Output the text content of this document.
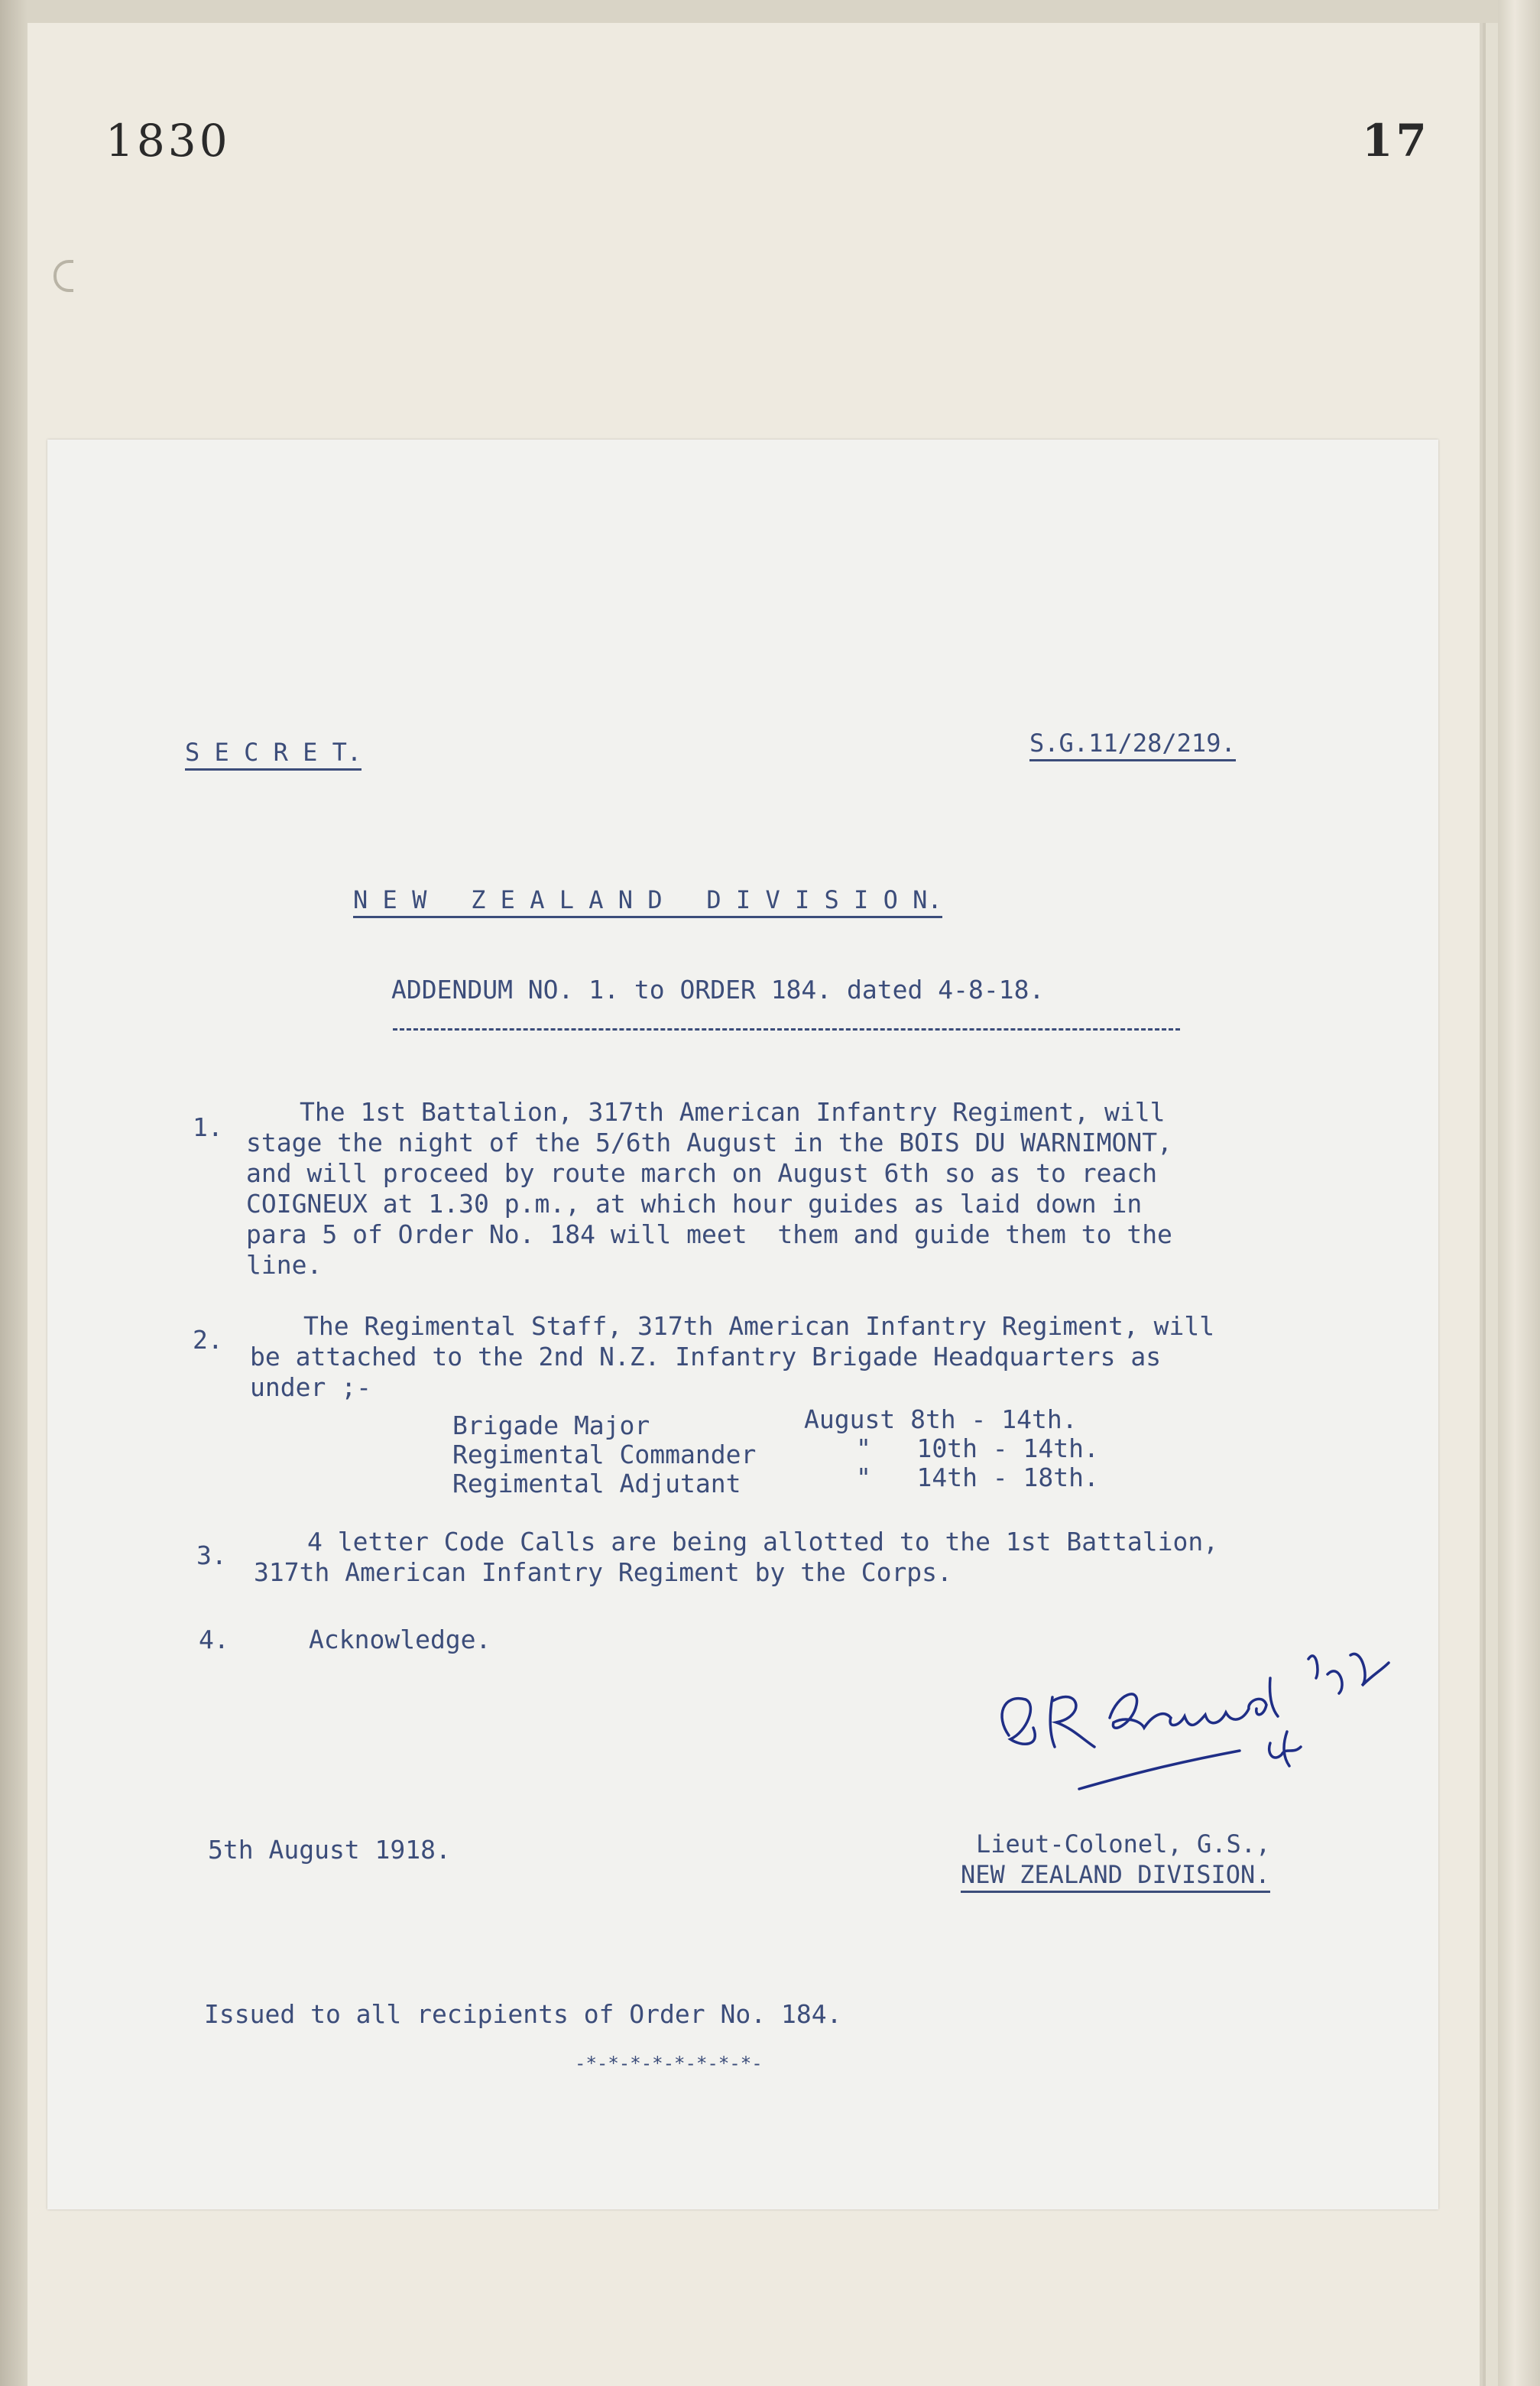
1830	17
S E C R E T.	S.G.11/28/219.
N E W   Z E A L A N D   D I V I S I O N.
ADDENDUM NO. 1. to ORDER 184. dated 4-8-18.
1.
The 1st Battalion, 317th American Infantry Regiment, will
stage the night of the 5/6th August in the BOIS DU WARNIMONT,
and will proceed by route march on August 6th so as to reach
COIGNEUX at 1.30 p.m., at which hour guides as laid down in
para 5 of Order No. 184 will meet  them and guide them to the
line.
2.	The Regimental Staff, 317th American Infantry Regiment, will
be attached to the 2nd N.Z. Infantry Brigade Headquarters as
under ;-
Brigade Major	August 8th - 14th.
Regimental Commander	"   10th - 14th.
Regimental Adjutant	"   14th - 18th.
3.	4 letter Code Calls are being allotted to the 1st Battalion,
317th American Infantry Regiment by the Corps.
4.	Acknowledge.
5th August 1918.	Lieut-Colonel, G.S.,
NEW ZEALAND DIVISION.
Issued to all recipients of Order No. 184.
-*-*-*-*-*-*-*-*-
